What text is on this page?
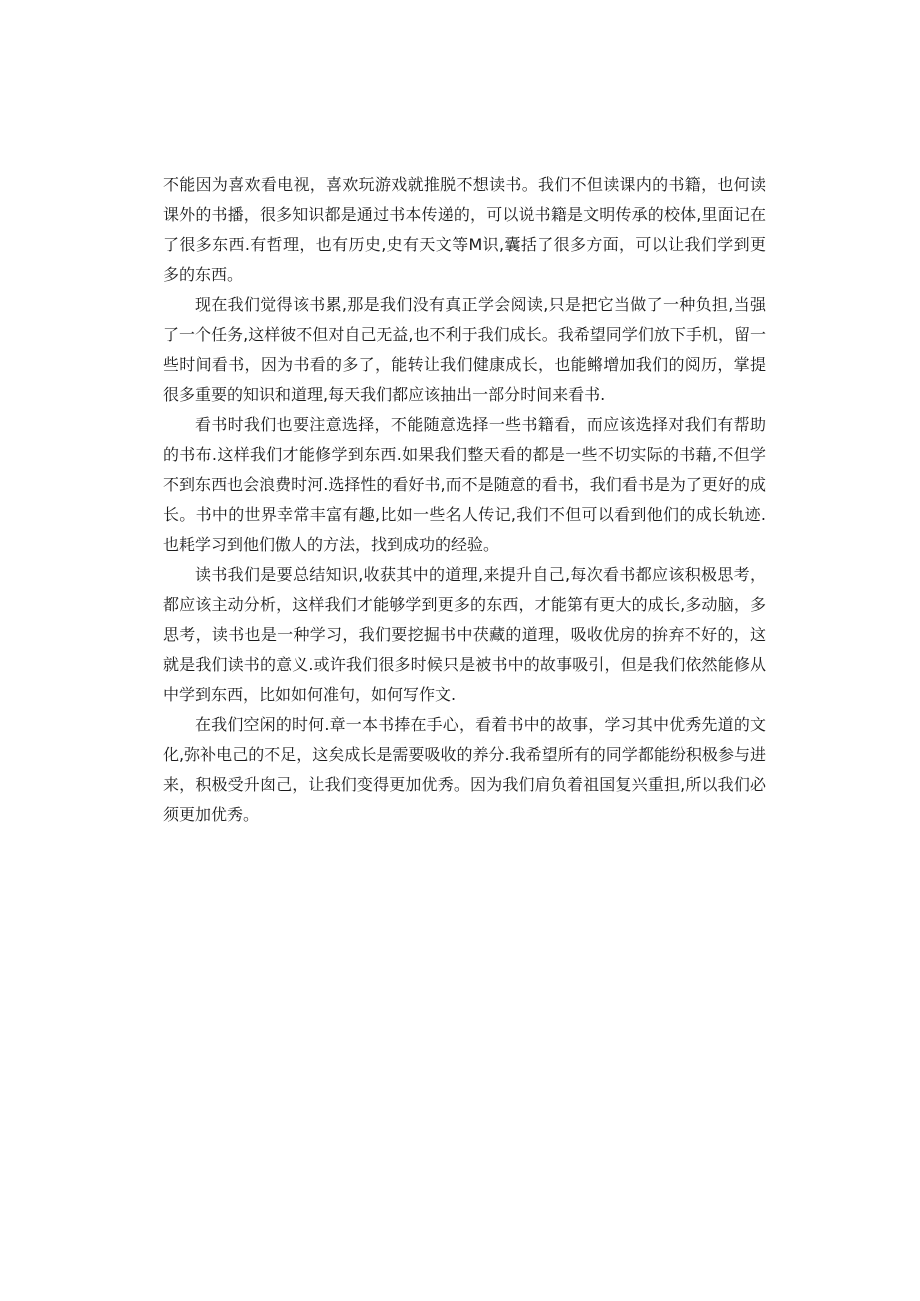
不能因为喜欢看电视，喜欢玩游戏就推脱不想读书。我们不但读课内的书籍，也何读课外的书播，很多知识都是通过书本传递的，可以说书籍是文明传承的校体,里面记在了很多东西.有哲理，也有历史,史有天文等M识,囊括了很多方面，可以让我们学到更多的东西。

现在我们觉得该书累,那是我们没有真正学会阅读,只是把它当做了一种负担,当强了一个任务,这样彼不但对自己无益,也不利于我们成长。我希望同学们放下手机，留一些时间看书，因为书看的多了，能转让我们健康成长，也能鳉增加我们的阅历，掌提很多重要的知识和道理,每天我们都应该抽出一部分时间来看书.

看书时我们也要注意选择，不能随意选择一些书籍看，而应该选择对我们有帮助的书布.这样我们才能修学到东西.如果我们整天看的都是一些不切实际的书藉,不但学不到东西也会浪费时河.选择性的看好书,而不是随意的看书，我们看书是为了更好的成长。书中的世界幸常丰富有趣,比如一些名人传记,我们不但可以看到他们的成长轨迹.也耗学习到他们傲人的方法，找到成功的经验。

读书我们是要总结知识,收获其中的道理,来提升自己,每次看书都应该积极思考，都应该主动分析，这样我们才能够学到更多的东西，才能第有更大的成长,多动脑，多思考，读书也是一种学习，我们要挖掘书中茯藏的道理，吸收优房的拚弃不好的，这就是我们读书的意义.或许我们很多时候只是被书中的故事吸引，但是我们依然能修从中学到东西，比如如何准句，如何写作文.

在我们空闲的时何.章一本书捧在手心，看着书中的故事，学习其中优秀先道的文化,弥补电己的不足，这矣成长是需要吸收的养分.我希望所有的同学都能纷积极参与进来，积极受升囱己，让我们变得更加优秀。因为我们肩负着祖国复兴重担,所以我们必须更加优秀。
